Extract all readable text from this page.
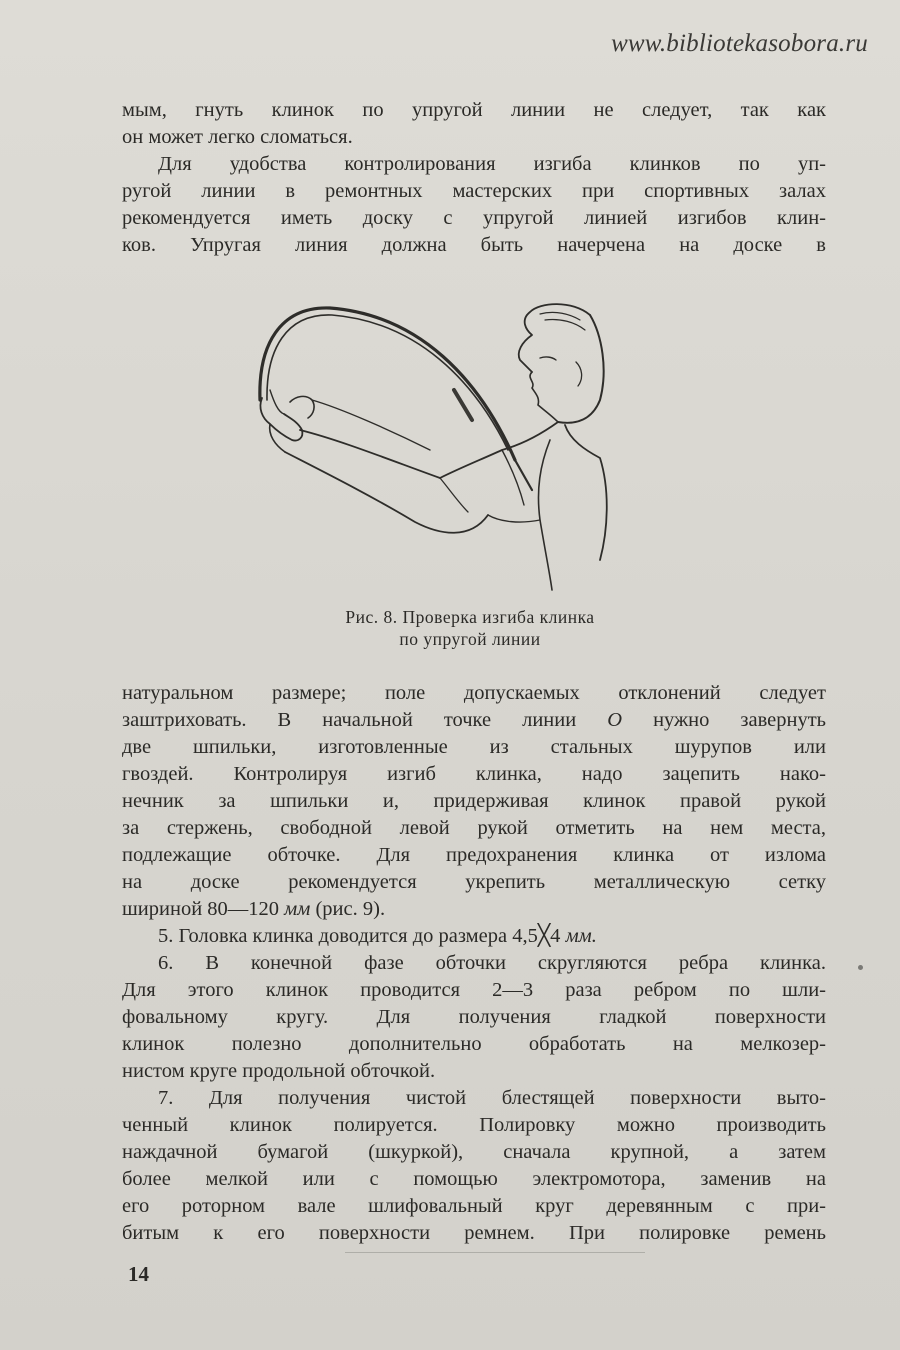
www.bibliotekasobora.ru
мым, гнуть клинок по упругой линии не следует, так как
он может легко сломаться.
Для удобства контролирования изгиба клинков по уп-
ругой линии в ремонтных мастерских при спортивных залах
рекомендуется иметь доску с упругой линией изгибов клин-
ков. Упругая линия должна быть начерчена на доске в
Рис. 8. Проверка изгиба клинка
по упругой линии
натуральном размере; поле допускаемых отклонений следует
заштриховать. В начальной точке линии O нужно завернуть
две шпильки, изготовленные из стальных шурупов или
гвоздей. Контролируя изгиб клинка, надо зацепить нако-
нечник за шпильки и, придерживая клинок правой рукой
за стержень, свободной левой рукой отметить на нем места,
подлежащие обточке. Для предохранения клинка от излома
на доске рекомендуется укрепить металлическую сетку
шириной 80—120 мм (рис. 9).
5. Головка клинка доводится до размера 4,5╳4 мм.
6. В конечной фазе обточки скругляются ребра клинка.
Для этого клинок проводится 2—3 раза ребром по шли-
фовальному кругу. Для получения гладкой поверхности
клинок полезно дополнительно обработать на мелкозер-
нистом круге продольной обточкой.
7. Для получения чистой блестящей поверхности выто-
ченный клинок полируется. Полировку можно производить
наждачной бумагой (шкуркой), сначала крупной, а затем
более мелкой или с помощью электромотора, заменив на
его роторном вале шлифовальный круг деревянным с при-
битым к его поверхности ремнем. При полировке ремень
14
